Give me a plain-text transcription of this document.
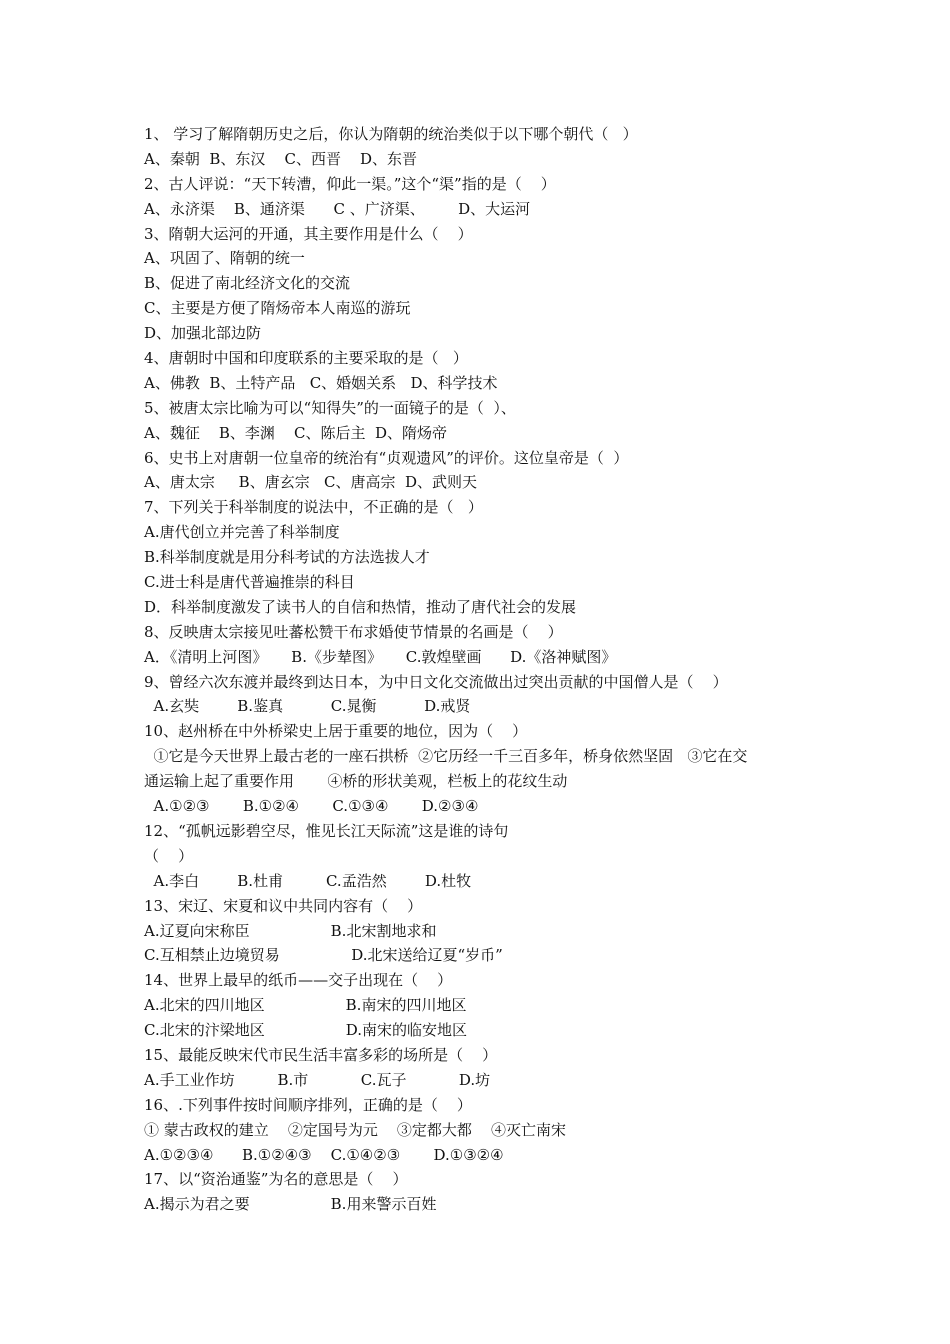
1、 学习了解隋朝历史之后，你认为隋朝的统治类似于以下哪个朝代（   ）
A、秦朝  B、东汉    C、西晋    D、东晋
2、古人评说：“天下转漕，仰此一渠。”这个“渠”指的是（    ）
A、永济渠    B、通济渠      C 、广济渠、       D、大运河
3、隋朝大运河的开通，其主要作用是什么（    ）
A、巩固了、隋朝的统一
B、促进了南北经济文化的交流
C、主要是方便了隋炀帝本人南巡的游玩
D、加强北部边防
4、唐朝时中国和印度联系的主要采取的是（   ）
A、佛教  B、土特产品   C、婚姻关系   D、科学技术
5、被唐太宗比喻为可以“知得失”的一面镜子的是（  ）、
A、魏征    B、李渊    C、陈后主  D、隋炀帝
6、史书上对唐朝一位皇帝的统治有“贞观遗风”的评价。这位皇帝是（  ）
A、唐太宗     B、唐玄宗   C、唐高宗  D、武则天
7、下列关于科举制度的说法中，不正确的是（   ）
A.唐代创立并完善了科举制度
B.科举制度就是用分科考试的方法选拔人才
C.进士科是唐代普遍推崇的科目
D．科举制度激发了读书人的自信和热情，推动了唐代社会的发展
8、反映唐太宗接见吐蕃松赞干布求婚使节情景的名画是（    ）
A．《清明上河图》     B.《步辇图》     C.敦煌壁画      D.《洛神赋图》
9、曾经六次东渡并最终到达日本，为中日文化交流做出过突出贡献的中国僧人是（    ）
A.玄奘        B.鉴真          C.晁衡          D.戒贤
10、赵州桥在中外桥梁史上居于重要的地位，因为（    ）
①它是今天世界上最古老的一座石拱桥  ②它历经一千三百多年，桥身依然坚固   ③它在交
通运输上起了重要作用       ④桥的形状美观，栏板上的花纹生动
A.①②③       B.①②④       C.①③④       D.②③④
12、“孤帆远影碧空尽，惟见长江天际流”这是谁的诗句
（    ）
A.李白        B.杜甫         C.孟浩然        D.杜牧
13、宋辽、宋夏和议中共同内容有（    ）
A.辽夏向宋称臣                 B.北宋割地求和
C.互相禁止边境贸易               D.北宋送给辽夏“岁币”
14、世界上最早的纸币——交子出现在（    ）
A.北宋的四川地区                 B.南宋的四川地区
C.北宋的汴梁地区                 D.南宋的临安地区
15、最能反映宋代市民生活丰富多彩的场所是（    ）
A.手工业作坊         B.市           C.瓦子           D.坊
16、.下列事件按时间顺序排列，正确的是（    ）
① 蒙古政权的建立    ②定国号为元    ③定都大都    ④灭亡南宋
A.①②③④      B.①②④③    C.①④②③       D.①③②④
17、以“资治通鉴”为名的意思是（    ）
A.揭示为君之要                 B.用来警示百姓
